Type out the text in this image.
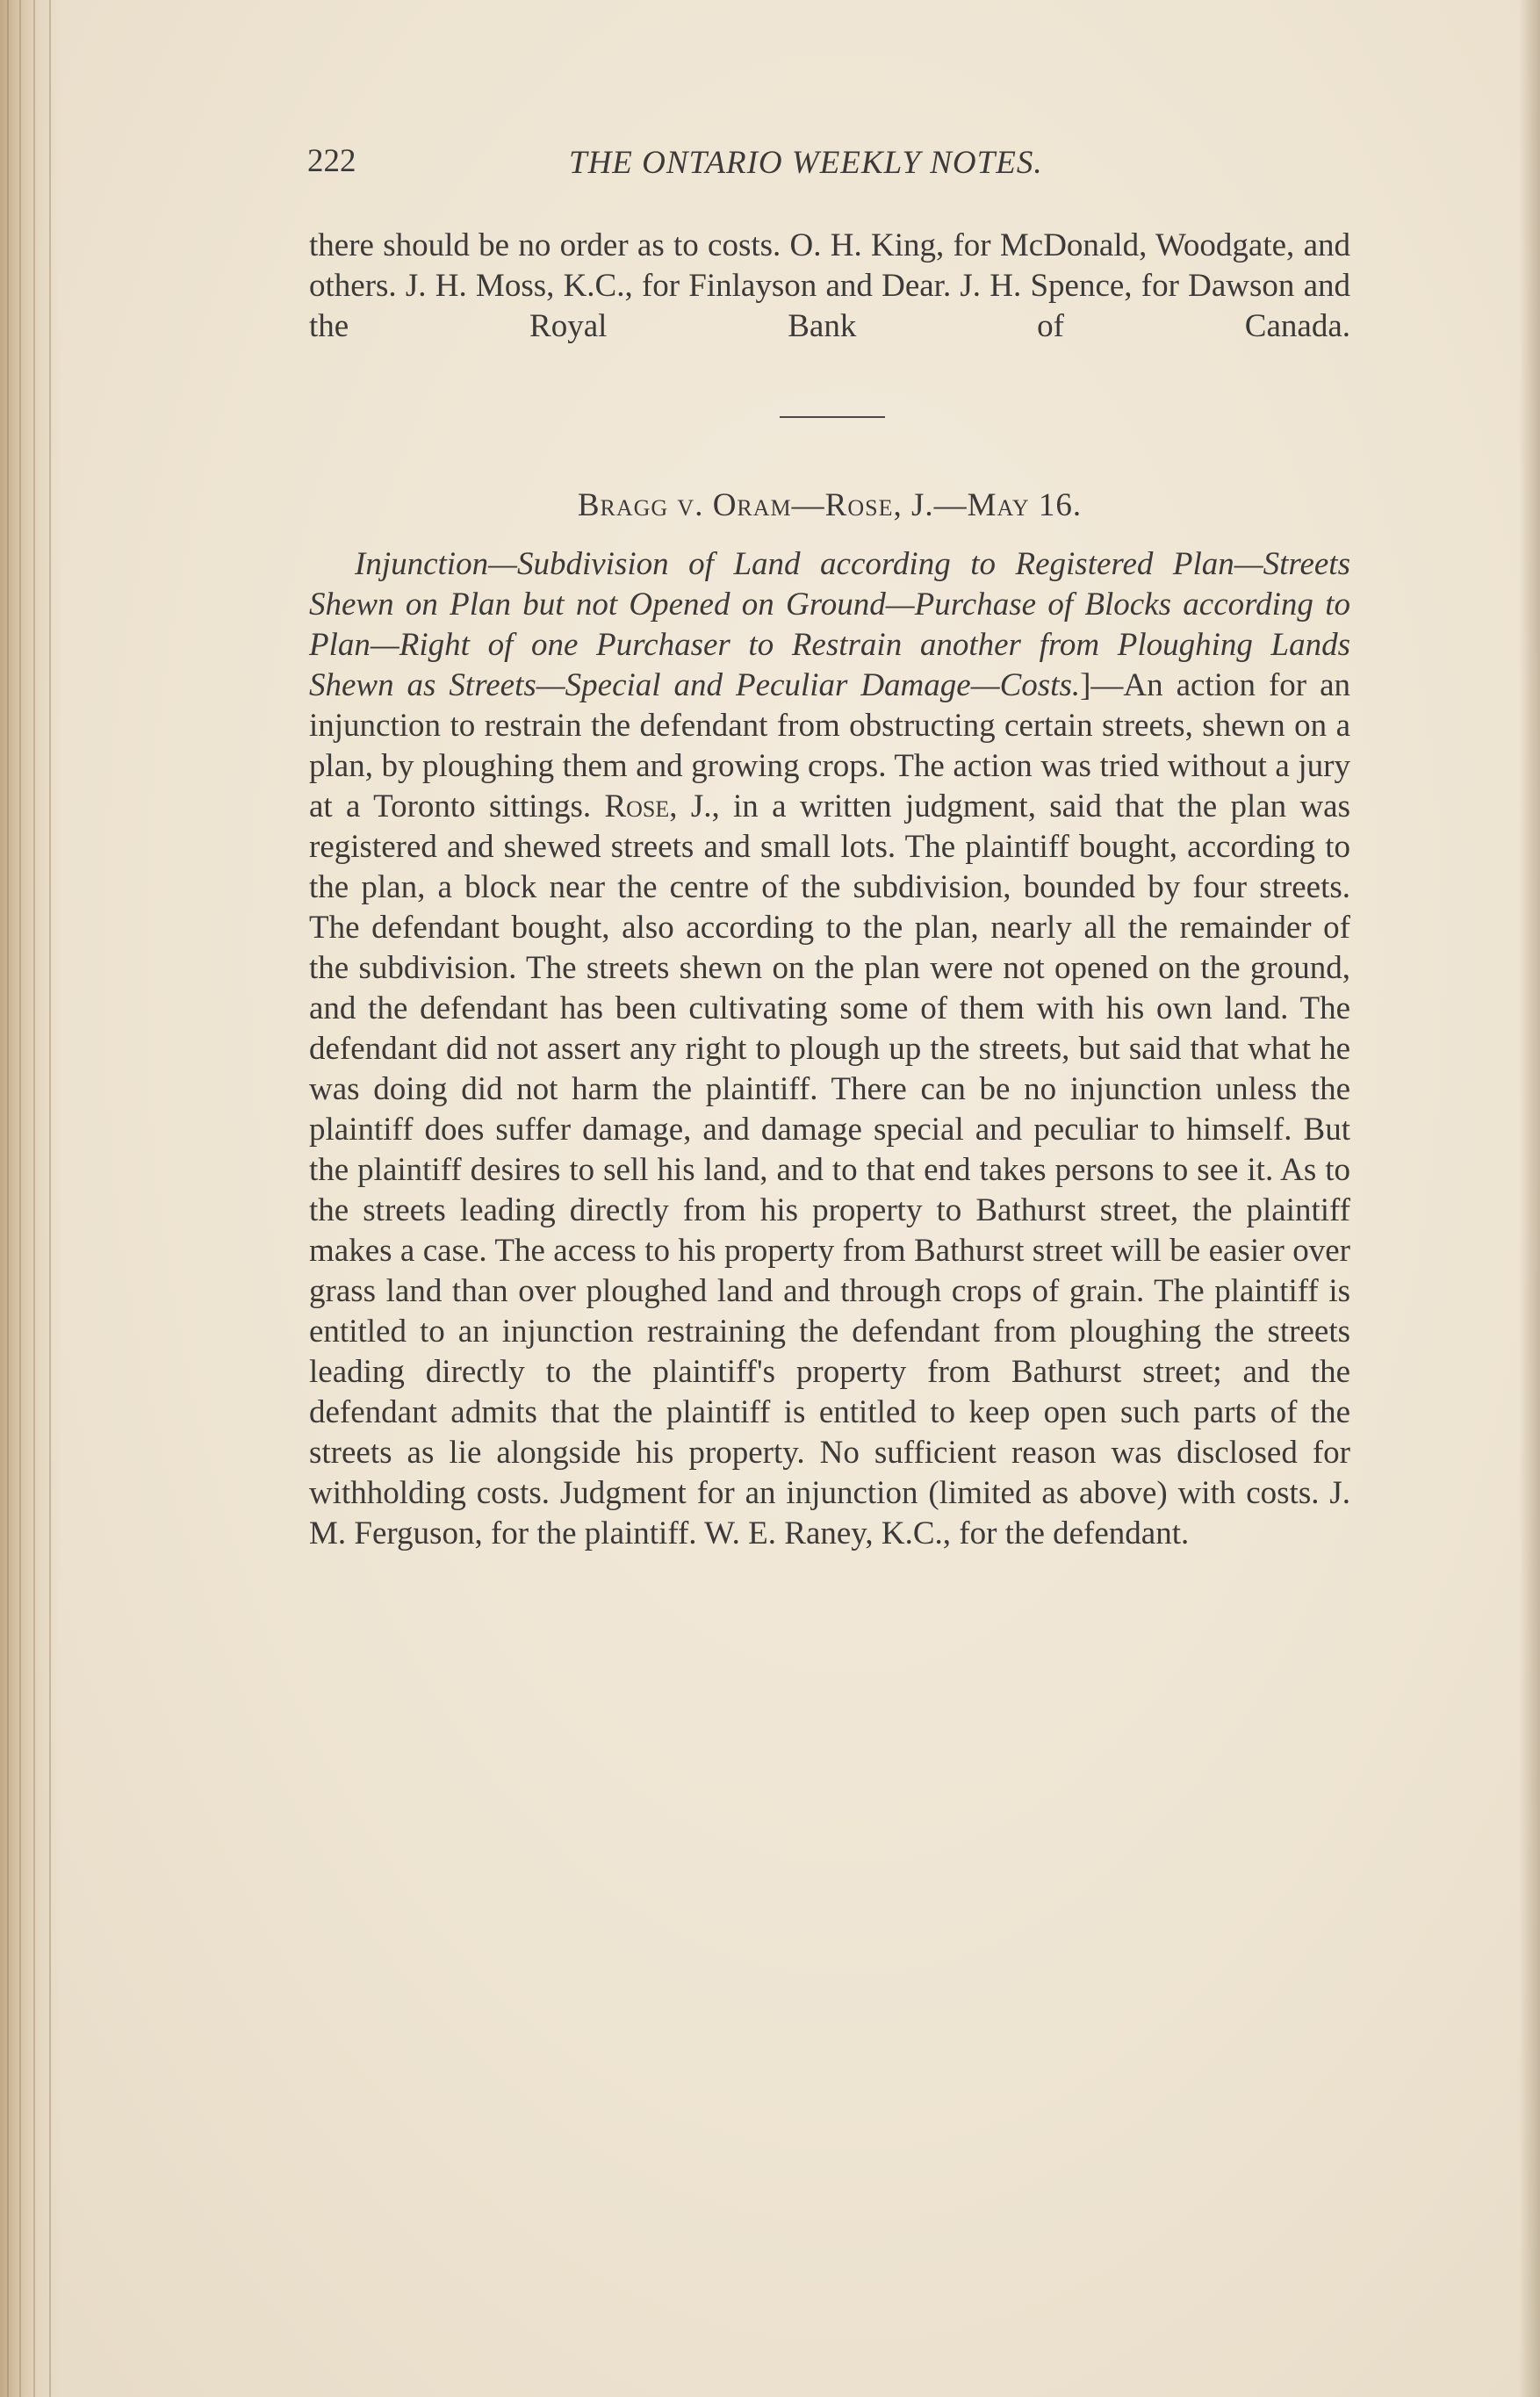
222	THE ONTARIO WEEKLY NOTES.

there should be no order as to costs. O. H. King, for McDonald, Woodgate, and others. J. H. Moss, K.C., for Finlayson and Dear. J. H. Spence, for Dawson and the Royal Bank of Canada.

Bragg v. Oram—Rose, J.—May 16.

Injunction—Subdivision of Land according to Registered Plan—Streets Shewn on Plan but not Opened on Ground—Purchase of Blocks according to Plan—Right of one Purchaser to Restrain another from Ploughing Lands Shewn as Streets—Special and Peculiar Damage—Costs.]—An action for an injunction to restrain the defendant from obstructing certain streets, shewn on a plan, by ploughing them and growing crops. The action was tried without a jury at a Toronto sittings. Rose, J., in a written judgment, said that the plan was registered and shewed streets and small lots. The plaintiff bought, according to the plan, a block near the centre of the subdivision, bounded by four streets. The defendant bought, also according to the plan, nearly all the remainder of the subdivision. The streets shewn on the plan were not opened on the ground, and the defendant has been cultivating some of them with his own land. The defendant did not assert any right to plough up the streets, but said that what he was doing did not harm the plaintiff. There can be no injunction unless the plaintiff does suffer damage, and damage special and peculiar to himself. But the plaintiff desires to sell his land, and to that end takes persons to see it. As to the streets leading directly from his property to Bathurst street, the plaintiff makes a case. The access to his property from Bathurst street will be easier over grass land than over ploughed land and through crops of grain. The plaintiff is entitled to an injunction restraining the defendant from ploughing the streets leading directly to the plaintiff's property from Bathurst street; and the defendant admits that the plaintiff is entitled to keep open such parts of the streets as lie alongside his property. No sufficient reason was disclosed for withholding costs. Judgment for an injunction (limited as above) with costs. J. M. Ferguson, for the plaintiff. W. E. Raney, K.C., for the defendant.
